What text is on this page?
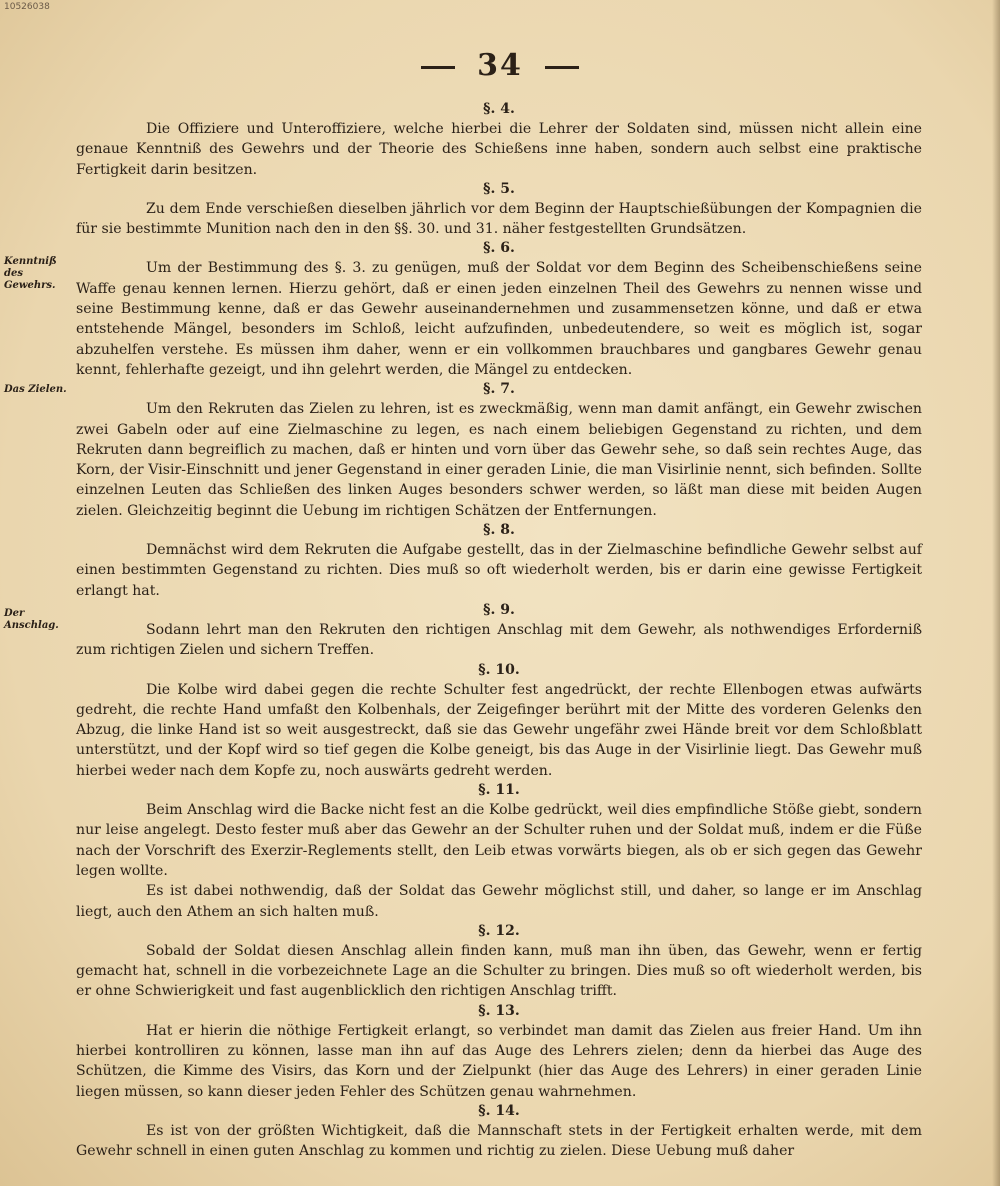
10526038
34
Kenntniß des Gewehrs.
Das Zielen.
Der Anschlag.
§. 4.

Die Offiziere und Unteroffiziere, welche hierbei die Lehrer der Soldaten sind, müssen nicht allein eine genaue Kenntniß des Gewehrs und der Theorie des Schießens inne haben, sondern auch selbst eine praktische Fertigkeit darin besitzen.

§. 5.

Zu dem Ende verschießen dieselben jährlich vor dem Beginn der Hauptschießübungen der Kompagnien die für sie bestimmte Munition nach den in den §§. 30. und 31. näher festgestellten Grundsätzen.

§. 6.

Um der Bestimmung des §. 3. zu genügen, muß der Soldat vor dem Beginn des Scheibenschießens seine Waffe genau kennen lernen. Hierzu gehört, daß er einen jeden einzelnen Theil des Gewehrs zu nennen wisse und seine Bestimmung kenne, daß er das Gewehr auseinandernehmen und zusammensetzen könne, und daß er etwa entstehende Mängel, besonders im Schloß, leicht aufzufinden, unbedeutendere, so weit es möglich ist, sogar abzuhelfen verstehe. Es müssen ihm daher, wenn er ein vollkommen brauchbares und gangbares Gewehr genau kennt, fehlerhafte gezeigt, und ihn gelehrt werden, die Mängel zu entdecken.

§. 7.

Um den Rekruten das Zielen zu lehren, ist es zweckmäßig, wenn man damit anfängt, ein Gewehr zwischen zwei Gabeln oder auf eine Zielmaschine zu legen, es nach einem beliebigen Gegenstand zu richten, und dem Rekruten dann begreiflich zu machen, daß er hinten und vorn über das Gewehr sehe, so daß sein rechtes Auge, das Korn, der Visir-Einschnitt und jener Gegenstand in einer geraden Linie, die man Visirlinie nennt, sich befinden. Sollte einzelnen Leuten das Schließen des linken Auges besonders schwer werden, so läßt man diese mit beiden Augen zielen. Gleichzeitig beginnt die Uebung im richtigen Schätzen der Entfernungen.

§. 8.

Demnächst wird dem Rekruten die Aufgabe gestellt, das in der Zielmaschine befindliche Gewehr selbst auf einen bestimmten Gegenstand zu richten. Dies muß so oft wiederholt werden, bis er darin eine gewisse Fertigkeit erlangt hat.

§. 9.

Sodann lehrt man den Rekruten den richtigen Anschlag mit dem Gewehr, als nothwendiges Erforderniß zum richtigen Zielen und sichern Treffen.

§. 10.

Die Kolbe wird dabei gegen die rechte Schulter fest angedrückt, der rechte Ellenbogen etwas aufwärts gedreht, die rechte Hand umfaßt den Kolbenhals, der Zeigefinger berührt mit der Mitte des vorderen Gelenks den Abzug, die linke Hand ist so weit ausgestreckt, daß sie das Gewehr ungefähr zwei Hände breit vor dem Schloßblatt unterstützt, und der Kopf wird so tief gegen die Kolbe geneigt, bis das Auge in der Visirlinie liegt. Das Gewehr muß hierbei weder nach dem Kopfe zu, noch auswärts gedreht werden.

§. 11.

Beim Anschlag wird die Backe nicht fest an die Kolbe gedrückt, weil dies empfindliche Stöße giebt, sondern nur leise angelegt. Desto fester muß aber das Gewehr an der Schulter ruhen und der Soldat muß, indem er die Füße nach der Vorschrift des Exerzir-Reglements stellt, den Leib etwas vorwärts biegen, als ob er sich gegen das Gewehr legen wollte.

Es ist dabei nothwendig, daß der Soldat das Gewehr möglichst still, und daher, so lange er im Anschlag liegt, auch den Athem an sich halten muß.

§. 12.

Sobald der Soldat diesen Anschlag allein finden kann, muß man ihn üben, das Gewehr, wenn er fertig gemacht hat, schnell in die vorbezeichnete Lage an die Schulter zu bringen. Dies muß so oft wiederholt werden, bis er ohne Schwierigkeit und fast augenblicklich den richtigen Anschlag trifft.

§. 13.

Hat er hierin die nöthige Fertigkeit erlangt, so verbindet man damit das Zielen aus freier Hand. Um ihn hierbei kontrolliren zu können, lasse man ihn auf das Auge des Lehrers zielen; denn da hierbei das Auge des Schützen, die Kimme des Visirs, das Korn und der Zielpunkt (hier das Auge des Lehrers) in einer geraden Linie liegen müssen, so kann dieser jeden Fehler des Schützen genau wahrnehmen.

§. 14.

Es ist von der größten Wichtigkeit, daß die Mannschaft stets in der Fertigkeit erhalten werde, mit dem Gewehr schnell in einen guten Anschlag zu kommen und richtig zu zielen. Diese Uebung muß daher
